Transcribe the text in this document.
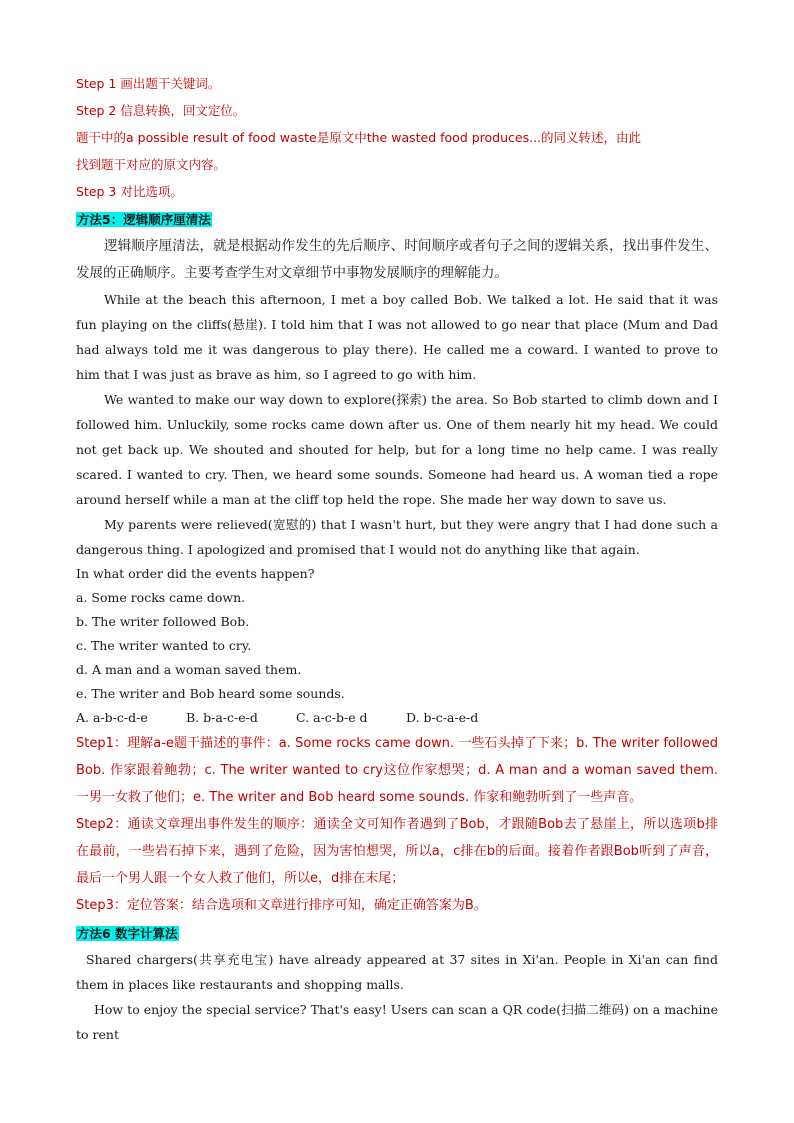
Step 1 画出题干关键词。

Step 2 信息转换，回文定位。

题干中的a possible result of food waste是原文中the wasted food produces...的同义转述，由此

找到题干对应的原文内容。

Step 3 对比选项。

方法5：逻辑顺序厘清法

逻辑顺序厘清法，就是根据动作发生的先后顺序、时间顺序或者句子之间的逻辑关系，找出事件发生、发展的正确顺序。主要考查学生对文章细节中事物发展顺序的理解能力。

While at the beach this afternoon, I met a boy called Bob. We talked a lot. He said that it was fun playing on the cliffs(悬崖). I told him that I was not allowed to go near that place (Mum and Dad had always told me it was dangerous to play there). He called me a coward. I wanted to prove to him that I was just as brave as him, so I agreed to go with him.

We wanted to make our way down to explore(探索) the area. So Bob started to climb down and I followed him. Unluckily, some rocks came down after us. One of them nearly hit my head. We could not get back up. We shouted and shouted for help, but for a long time no help came. I was really scared. I wanted to cry. Then, we heard some sounds. Someone had heard us. A woman tied a rope around herself while a man at the cliff top held the rope. She made her way down to save us.

My parents were relieved(宽慰的) that I wasn't hurt, but they were angry that I had done such a dangerous thing. I apologized and promised that I would not do anything like that again.

In what order did the events happen?

a. Some rocks came down.

b. The writer followed Bob.

c. The writer wanted to cry.

d. A man and a woman saved them.

e. The writer and Bob heard some sounds.

A. a-b-c-d-e	B. b-a-c-e-d	C. a-c-b-e d	D. b-c-a-e-d

Step1：理解a-e题干描述的事件：a. Some rocks came down. 一些石头掉了下来；b. The writer followed Bob. 作家跟着鲍勃；c. The writer wanted to cry这位作家想哭；d. A man and a woman saved them. 一男一女救了他们；e. The writer and Bob heard some sounds. 作家和鲍勃听到了一些声音。

Step2：通读文章理出事件发生的顺序：通读全文可知作者遇到了Bob，才跟随Bob去了悬崖上，所以选项b排在最前，一些岩石掉下来，遇到了危险，因为害怕想哭，所以a，c排在b的后面。接着作者跟Bob听到了声音，最后一个男人跟一个女人救了他们，所以e，d排在末尾；

Step3：定位答案：结合选项和文章进行排序可知，确定正确答案为B。

方法6 数字计算法

Shared chargers(共享充电宝) have already appeared at 37 sites in Xi'an. People in Xi'an can find them in places like restaurants and shopping malls.

How to enjoy the special service? That's easy! Users can scan a QR code(扫描二维码) on a machine to rent
